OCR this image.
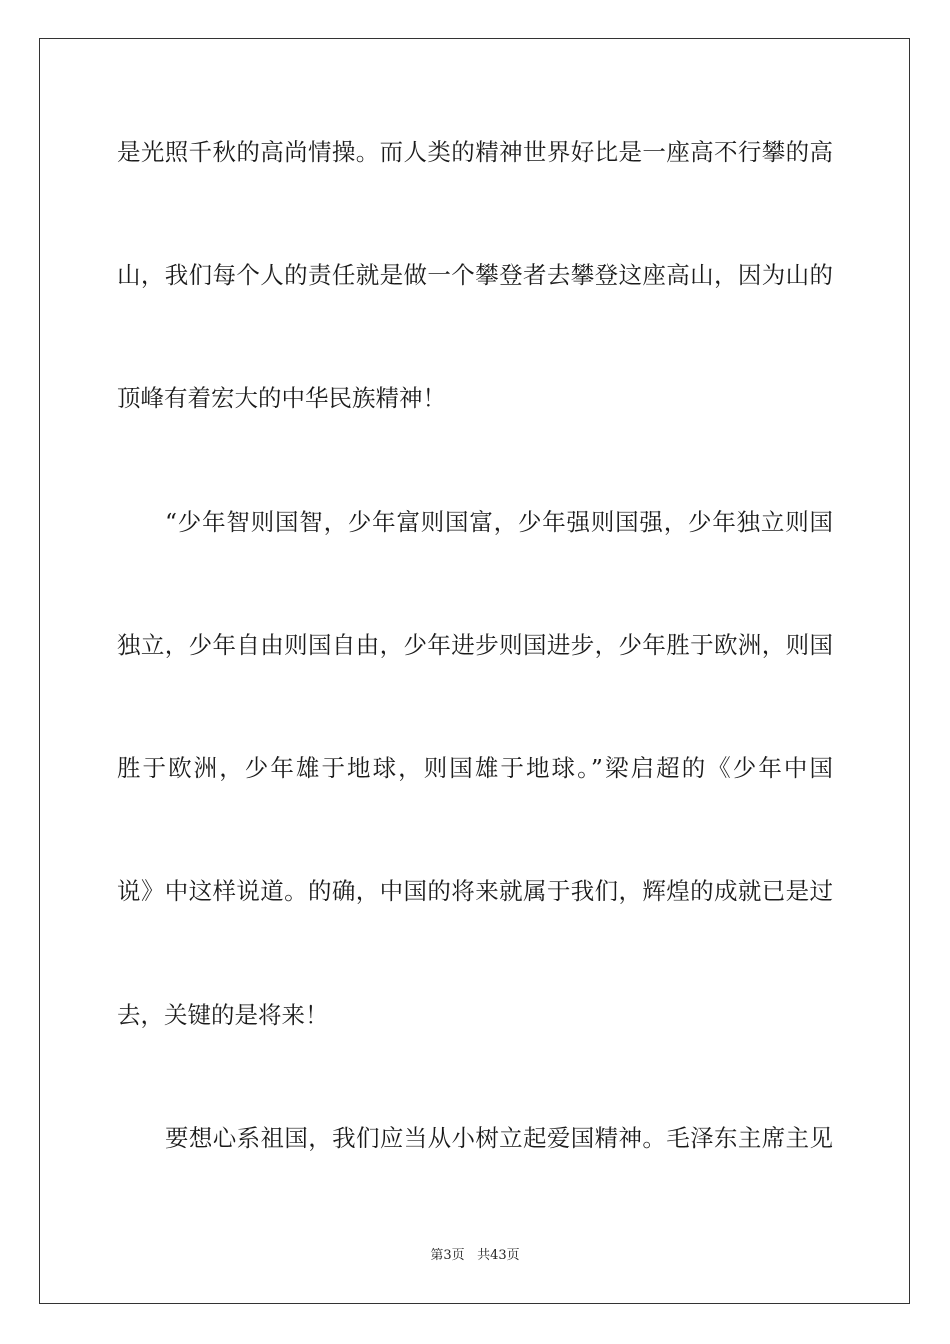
是光照千秋的高尚情操。而人类的精神世界好比是一座高不行攀的高
山，我们每个人的责任就是做一个攀登者去攀登这座高山，因为山的
顶峰有着宏大的中华民族精神！
“少年智则国智，少年富则国富，少年强则国强，少年独立则国
独立，少年自由则国自由，少年进步则国进步，少年胜于欧洲，则国
胜于欧洲，少年雄于地球，则国雄于地球。”梁启超的《少年中国
说》中这样说道。的确，中国的将来就属于我们，辉煌的成就已是过
去，关键的是将来！
要想心系祖国，我们应当从小树立起爱国精神。毛泽东主席主见
第3页 共43页
